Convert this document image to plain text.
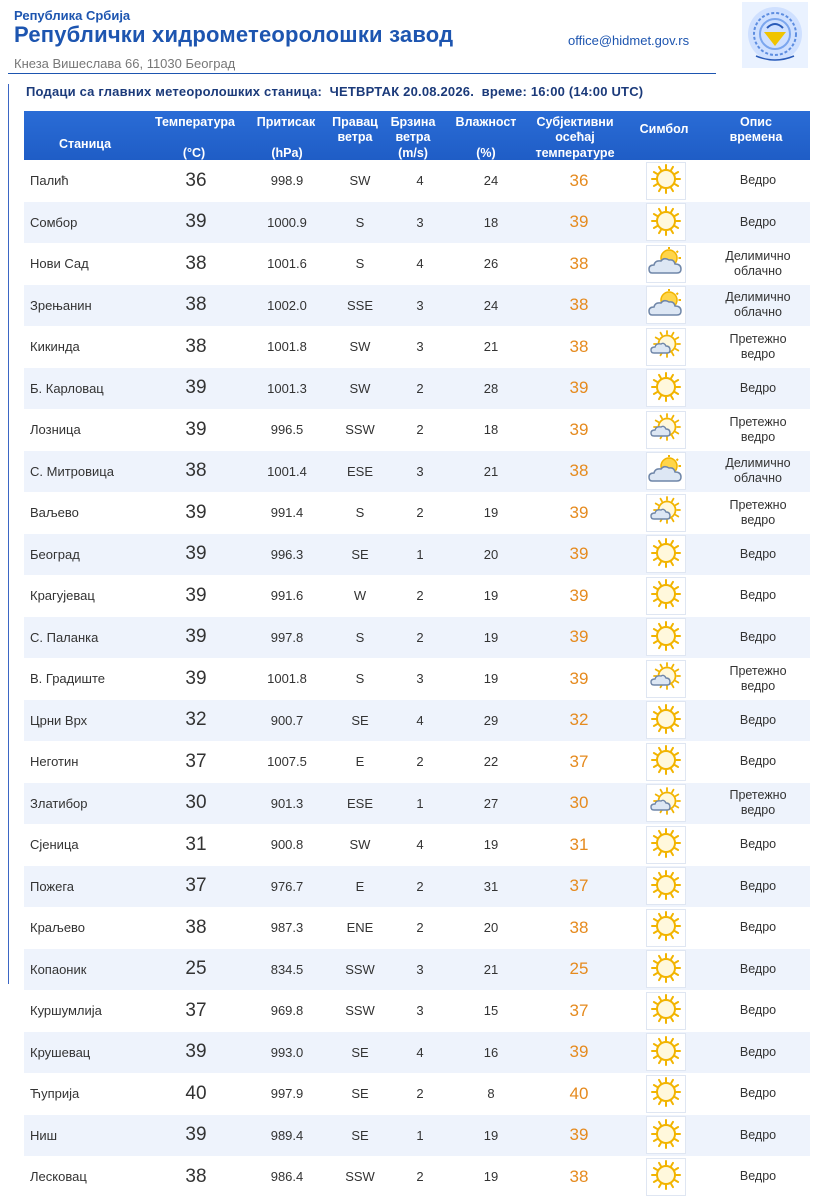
Република Србија
Републички хидрометеоролошки завод
Кнеза Вишеслава 66, 11030 Београд
office@hidmet.gov.rs
Подаци са главних метеоролошких станица:  ЧЕТВРТАК 20.08.2026.  време: 16:00 (14:00 UTC)
Станица
Температура
(°C)
Притисак
(hPa)
Правац
ветра
Брзина
ветра
(m/s)
Влажност
(%)
Субјективни
осећај
температуре
Симбол	Опис
времена
Палић	36	998.9	SW	4	24	36	Ведро

Сомбор	39	1000.9	S	3	18	39	Ведро

Нови Сад	38	1001.6	S	4	26	38	Делимично
облачно
Зрењанин	38	1002.0	SSE	3	24	38	Делимично
облачно
Кикинда	38	1001.8	SW	3	21	38	Претежно
ведро
Б. Карловац	39	1001.3	SW	2	28	39	Ведро

Лозница	39	996.5	SSW	2	18	39	Претежно
ведро
С. Митровица	38	1001.4	ESE	3	21	38	Делимично
облачно
Ваљево	39	991.4	S	2	19	39	Претежно
ведро
Београд	39	996.3	SE	1	20	39	Ведро

Крагујевац	39	991.6	W	2	19	39	Ведро

С. Паланка	39	997.8	S	2	19	39	Ведро

В. Градиште	39	1001.8	S	3	19	39	Претежно
ведро
Црни Врх	32	900.7	SE	4	29	32	Ведро

Неготин	37	1007.5	E	2	22	37	Ведро

Златибор	30	901.3	ESE	1	27	30	Претежно
ведро
Сјеница	31	900.8	SW	4	19	31	Ведро

Пожега	37	976.7	E	2	31	37	Ведро

Краљево	38	987.3	ENE	2	20	38	Ведро

Копаоник	25	834.5	SSW	3	21	25	Ведро

Куршумлија	37	969.8	SSW	3	15	37	Ведро

Крушевац	39	993.0	SE	4	16	39	Ведро

Ћуприја	40	997.9	SE	2	8	40	Ведро

Ниш	39	989.4	SE	1	19	39	Ведро

Лесковац	38	986.4	SSW	2	19	38	Ведро
